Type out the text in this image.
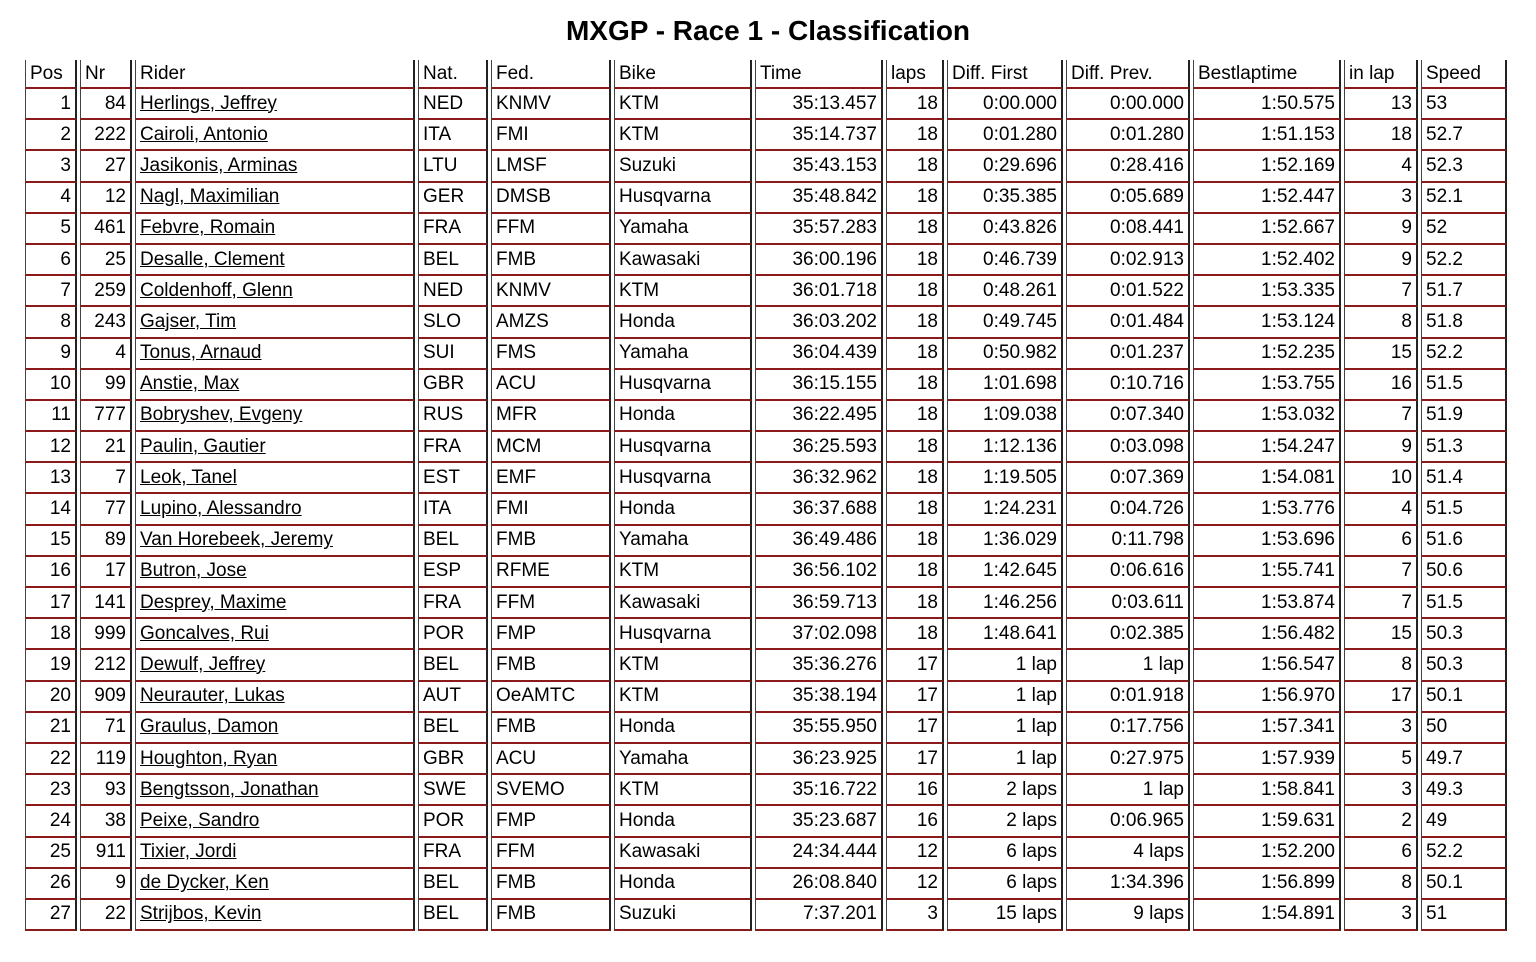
MXGP - Race 1 - Classification
Pos	Nr	Rider	Nat.	Fed.	Bike	Time	laps	Diff. First	Diff. Prev.	Bestlaptime	in lap	Speed
1	84	Herlings, Jeffrey	NED	KNMV	KTM	35:13.457	18	0:00.000	0:00.000	1:50.575	13	53
2	222	Cairoli, Antonio	ITA	FMI	KTM	35:14.737	18	0:01.280	0:01.280	1:51.153	18	52.7
3	27	Jasikonis, Arminas	LTU	LMSF	Suzuki	35:43.153	18	0:29.696	0:28.416	1:52.169	4	52.3
4	12	Nagl, Maximilian	GER	DMSB	Husqvarna	35:48.842	18	0:35.385	0:05.689	1:52.447	3	52.1
5	461	Febvre, Romain	FRA	FFM	Yamaha	35:57.283	18	0:43.826	0:08.441	1:52.667	9	52
6	25	Desalle, Clement	BEL	FMB	Kawasaki	36:00.196	18	0:46.739	0:02.913	1:52.402	9	52.2
7	259	Coldenhoff, Glenn	NED	KNMV	KTM	36:01.718	18	0:48.261	0:01.522	1:53.335	7	51.7
8	243	Gajser, Tim	SLO	AMZS	Honda	36:03.202	18	0:49.745	0:01.484	1:53.124	8	51.8
9	4	Tonus, Arnaud	SUI	FMS	Yamaha	36:04.439	18	0:50.982	0:01.237	1:52.235	15	52.2
10	99	Anstie, Max	GBR	ACU	Husqvarna	36:15.155	18	1:01.698	0:10.716	1:53.755	16	51.5
11	777	Bobryshev, Evgeny	RUS	MFR	Honda	36:22.495	18	1:09.038	0:07.340	1:53.032	7	51.9
12	21	Paulin, Gautier	FRA	MCM	Husqvarna	36:25.593	18	1:12.136	0:03.098	1:54.247	9	51.3
13	7	Leok, Tanel	EST	EMF	Husqvarna	36:32.962	18	1:19.505	0:07.369	1:54.081	10	51.4
14	77	Lupino, Alessandro	ITA	FMI	Honda	36:37.688	18	1:24.231	0:04.726	1:53.776	4	51.5
15	89	Van Horebeek, Jeremy	BEL	FMB	Yamaha	36:49.486	18	1:36.029	0:11.798	1:53.696	6	51.6
16	17	Butron, Jose	ESP	RFME	KTM	36:56.102	18	1:42.645	0:06.616	1:55.741	7	50.6
17	141	Desprey, Maxime	FRA	FFM	Kawasaki	36:59.713	18	1:46.256	0:03.611	1:53.874	7	51.5
18	999	Goncalves, Rui	POR	FMP	Husqvarna	37:02.098	18	1:48.641	0:02.385	1:56.482	15	50.3
19	212	Dewulf, Jeffrey	BEL	FMB	KTM	35:36.276	17	1 lap	1 lap	1:56.547	8	50.3
20	909	Neurauter, Lukas	AUT	OeAMTC	KTM	35:38.194	17	1 lap	0:01.918	1:56.970	17	50.1
21	71	Graulus, Damon	BEL	FMB	Honda	35:55.950	17	1 lap	0:17.756	1:57.341	3	50
22	119	Houghton, Ryan	GBR	ACU	Yamaha	36:23.925	17	1 lap	0:27.975	1:57.939	5	49.7
23	93	Bengtsson, Jonathan	SWE	SVEMO	KTM	35:16.722	16	2 laps	1 lap	1:58.841	3	49.3
24	38	Peixe, Sandro	POR	FMP	Honda	35:23.687	16	2 laps	0:06.965	1:59.631	2	49
25	911	Tixier, Jordi	FRA	FFM	Kawasaki	24:34.444	12	6 laps	4 laps	1:52.200	6	52.2
26	9	de Dycker, Ken	BEL	FMB	Honda	26:08.840	12	6 laps	1:34.396	1:56.899	8	50.1
27	22	Strijbos, Kevin	BEL	FMB	Suzuki	7:37.201	3	15 laps	9 laps	1:54.891	3	51
